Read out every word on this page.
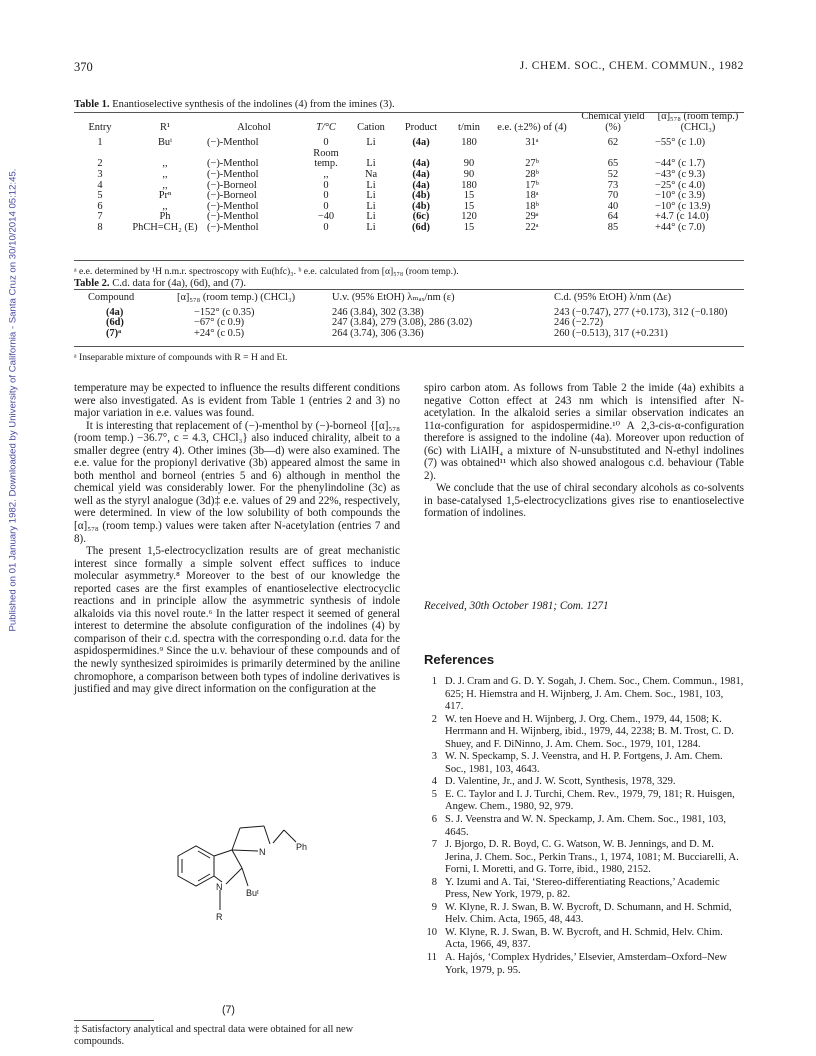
Published on 01 January 1982. Downloaded by University of California - Santa Cruz on 30/10/2014 05:12:45.
370	J. CHEM. SOC., CHEM. COMMUN., 1982
Table 1. Enantioselective synthesis of the indolines (4) from the imines (3).
Entry	R¹	Alcohol	T/°C	Cation	Product	t/min	e.e. (±2%) of (4)	Chemical yield (%)	[α]₅₇₈ (room temp.) (CHCl₃)
1	Buᵗ	(−)-Menthol	0	Li	(4a)	180	31ᵃ	62	−55° (c 1.0)
2	,,	(−)-Menthol	Room temp.	Li	(4a)	90	27ᵇ	65	−44° (c 1.7)
3	,,	(−)-Menthol	,,	Na	(4a)	90	28ᵇ	52	−43° (c 9.3)
4	,,	(−)-Borneol	0	Li	(4a)	180	17ᵇ	73	−25° (c 4.0)
5	Prⁿ	(−)-Borneol	0	Li	(4b)	15	18ᵃ	70	−10° (c 3.9)
6	,,	(−)-Menthol	0	Li	(4b)	15	18ᵇ	40	−10° (c 13.9)
7	Ph	(−)-Menthol	−40	Li	(6c)	120	29ᵃ	64	+4.7 (c 14.0)
8	PhCH=CH₂ (E)	(−)-Menthol	0	Li	(6d)	15	22ᵃ	85	+44° (c 7.0)
ᵃ e.e. determined by ¹H n.m.r. spectroscopy with Eu(hfc)₃. ᵇ e.e. calculated from [α]₅₇₈ (room temp.).
Table 2. C.d. data for (4a), (6d), and (7).
Compound	[α]₅₇₈ (room temp.) (CHCl₃)	U.v. (95% EtOH) λₘₐₓ/nm (ε)	C.d. (95% EtOH) λ/nm (Δε)
(4a)	−152° (c 0.35)	246 (3.84), 302 (3.38)	243 (−0.747), 277 (+0.173), 312 (−0.180)
(6d)	−67° (c 0.9)	247 (3.84), 279 (3.08), 286 (3.02)	246 (−2.72)
(7)ᵃ	+24° (c 0.5)	264 (3.74), 306 (3.36)	260 (−0.513), 317 (+0.231)
ᵃ Inseparable mixture of compounds with R = H and Et.

temperature may be expected to influence the results different conditions were also investigated. As is evident from Table 1 (entries 2 and 3) no major variation in e.e. values was found.

It is interesting that replacement of (−)-menthol by (−)-borneol {[α]₅₇₈ (room temp.) −36.7°, c = 4.3, CHCl₃} also induced chirality, albeit to a smaller degree (entry 4). Other imines (3b—d) were also examined. The e.e. value for the propionyl derivative (3b) appeared almost the same in both menthol and borneol (entries 5 and 6) although in menthol the chemical yield was considerably lower. For the phenylindoline (3c) as well as the styryl analogue (3d)‡ e.e. values of 29 and 22%, respectively, were determined. In view of the low solubility of both compounds the [α]₅₇₈ (room temp.) values were taken after N-acetylation (entries 7 and 8).

The present 1,5-electrocyclization results are of great mechanistic interest since formally a simple solvent effect suffices to induce molecular asymmetry.⁸ Moreover to the best of our knowledge the reported cases are the first examples of enantioselective electrocyclic reactions and in principle allow the asymmetric synthesis of indole alkaloids via this novel route.⁶ In the latter respect it seemed of general interest to determine the absolute configuration of the indolines (4) by comparison of their c.d. spectra with the corresponding o.r.d. data for the aspidospermidines.⁹ Since the u.v. behaviour of these compounds and of the newly synthesized spiroimides is primarily determined by the aniline chromophore, a comparison between both types of indoline derivatives is justified and may give direct information on the configuration at the

spiro carbon atom. As follows from Table 2 the imide (4a) exhibits a negative Cotton effect at 243 nm which is intensified after N-acetylation. In the alkaloid series a similar observation indicates an 11α-configuration for aspidospermidine.¹⁰ A 2,3-cis-α-configuration therefore is assigned to the indoline (4a). Moreover upon reduction of (6c) with LiAlH₄ a mixture of N-unsubstituted and N-ethyl indolines (7) was obtained¹¹ which also showed analogous c.d. behaviour (Table 2).

We conclude that the use of chiral secondary alcohols as co-solvents in base-catalysed 1,5-electrocyclizations gives rise to enantioselective formation of indolines.

Received, 30th October 1981; Com. 1271
References
1 D. J. Cram and G. D. Y. Sogah, J. Chem. Soc., Chem. Commun., 1981, 625; H. Hiemstra and H. Wijnberg, J. Am. Chem. Soc., 1981, 103, 417.
2 W. ten Hoeve and H. Wijnberg, J. Org. Chem., 1979, 44, 1508; K. Herrmann and H. Wijnberg, ibid., 1979, 44, 2238; B. M. Trost, C. D. Shuey, and F. DiNinno, J. Am. Chem. Soc., 1979, 101, 1284.
3 W. N. Speckamp, S. J. Veenstra, and H. P. Fortgens, J. Am. Chem. Soc., 1981, 103, 4643.
4 D. Valentine, Jr., and J. W. Scott, Synthesis, 1978, 329.
5 E. C. Taylor and I. J. Turchi, Chem. Rev., 1979, 79, 181; R. Huisgen, Angew. Chem., 1980, 92, 979.
6 S. J. Veenstra and W. N. Speckamp, J. Am. Chem. Soc., 1981, 103, 4645.
7 J. Bjorgo, D. R. Boyd, C. G. Watson, W. B. Jennings, and D. M. Jerina, J. Chem. Soc., Perkin Trans., 1, 1974, 1081; M. Bucciarelli, A. Forni, I. Moretti, and G. Torre, ibid., 1980, 2152.
8 Y. Izumi and A. Tai, ‘Stereo-differentiating Reactions,’ Academic Press, New York, 1979, p. 82.
9 W. Klyne, R. J. Swan, B. W. Bycroft, D. Schumann, and H. Schmid, Helv. Chim. Acta, 1965, 48, 443.
10 W. Klyne, R. J. Swan, B. W. Bycroft, and H. Schmid, Helv. Chim. Acta, 1966, 49, 837.
11 A. Hajós, ‘Complex Hydrides,’ Elsevier, Amsterdam–Oxford–New York, 1979, p. 95.
N
N
Ph
Buᵗ
R
(7)
‡ Satisfactory analytical and spectral data were obtained for all new compounds.
